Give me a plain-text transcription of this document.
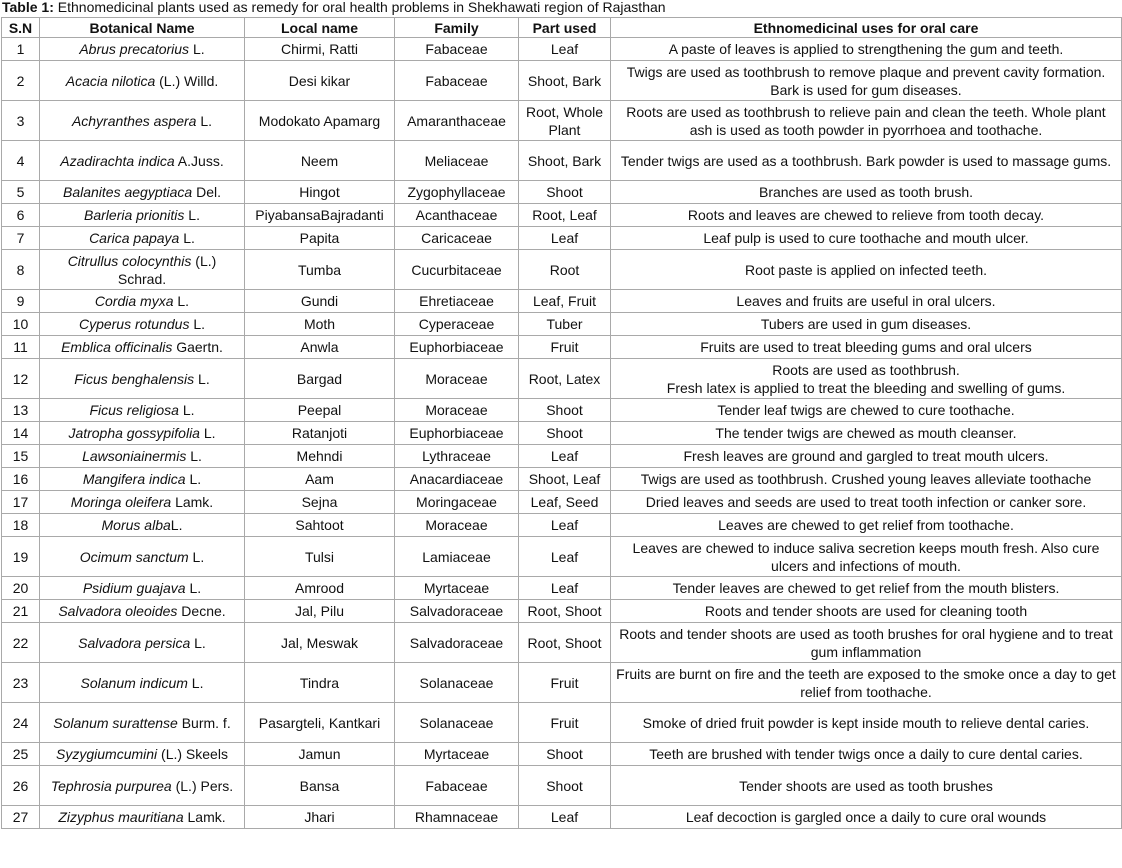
Table 1: Ethnomedicinal plants used as remedy for oral health problems in Shekhawati region of Rajasthan
S.N	Botanical Name	Local name	Family	Part used	Ethnomedicinal uses for oral care
1	Abrus precatorius L.	Chirmi, Ratti	Fabaceae	Leaf	A paste of leaves is applied to strengthening the gum and teeth.
2	Acacia nilotica (L.) Willd.	Desi kikar	Fabaceae	Shoot, Bark	Twigs are used as toothbrush to remove plaque and prevent cavity formation. Bark is used for gum diseases.
3	Achyranthes aspera L.	Modokato Apamarg	Amaranthaceae	Root, Whole Plant	Roots are used as toothbrush to relieve pain and clean the teeth. Whole plant ash is used as tooth powder in pyorrhoea and toothache.
4	Azadirachta indica A.Juss.	Neem	Meliaceae	Shoot, Bark	Tender twigs are used as a toothbrush. Bark powder is used to massage gums.
5	Balanites aegyptiaca Del.	Hingot	Zygophyllaceae	Shoot	Branches are used as tooth brush.
6	Barleria prionitis L.	PiyabansaBajradanti	Acanthaceae	Root, Leaf	Roots and leaves are chewed to relieve from tooth decay.
7	Carica papaya L.	Papita	Caricaceae	Leaf	Leaf pulp is used to cure toothache and mouth ulcer.
8	Citrullus colocynthis (L.) Schrad.	Tumba	Cucurbitaceae	Root	Root paste is applied on infected teeth.
9	Cordia myxa L.	Gundi	Ehretiaceae	Leaf, Fruit	Leaves and fruits are useful in oral ulcers.
10	Cyperus rotundus L.	Moth	Cyperaceae	Tuber	Tubers are used in gum diseases.
11	Emblica officinalis Gaertn.	Anwla	Euphorbiaceae	Fruit	Fruits are used to treat bleeding gums and oral ulcers
12	Ficus benghalensis L.	Bargad	Moraceae	Root, Latex	Roots are used as toothbrush.
Fresh latex is applied to treat the bleeding and swelling of gums.
13	Ficus religiosa L.	Peepal	Moraceae	Shoot	Tender leaf twigs are chewed to cure toothache.
14	Jatropha gossypifolia L.	Ratanjoti	Euphorbiaceae	Shoot	The tender twigs are chewed as mouth cleanser.
15	Lawsoniainermis L.	Mehndi	Lythraceae	Leaf	Fresh leaves are ground and gargled to treat mouth ulcers.
16	Mangifera indica L.	Aam	Anacardiaceae	Shoot, Leaf	Twigs are used as toothbrush. Crushed young leaves alleviate toothache
17	Moringa oleifera Lamk.	Sejna	Moringaceae	Leaf, Seed	Dried leaves and seeds are used to treat tooth infection or canker sore.
18	Morus albaL.	Sahtoot	Moraceae	Leaf	Leaves are chewed to get relief from toothache.
19	Ocimum sanctum L.	Tulsi	Lamiaceae	Leaf	Leaves are chewed to induce saliva secretion keeps mouth fresh. Also cure ulcers and infections of mouth.
20	Psidium guajava L.	Amrood	Myrtaceae	Leaf	Tender leaves are chewed to get relief from the mouth blisters.
21	Salvadora oleoides Decne.	Jal, Pilu	Salvadoraceae	Root, Shoot	Roots and tender shoots are used for cleaning tooth
22	Salvadora persica L.	Jal, Meswak	Salvadoraceae	Root, Shoot	Roots and tender shoots are used as tooth brushes for oral hygiene and to treat gum inflammation
23	Solanum indicum L.	Tindra	Solanaceae	Fruit	Fruits are burnt on fire and the teeth are exposed to the smoke once a day to get relief from toothache.
24	Solanum surattense Burm. f.	Pasargteli, Kantkari	Solanaceae	Fruit	Smoke of dried fruit powder is kept inside mouth to relieve dental caries.
25	Syzygiumcumini (L.) Skeels	Jamun	Myrtaceae	Shoot	Teeth are brushed with tender twigs once a daily to cure dental caries.
26	Tephrosia purpurea (L.) Pers.	Bansa	Fabaceae	Shoot	Tender shoots are used as tooth brushes
27	Zizyphus mauritiana Lamk.	Jhari	Rhamnaceae	Leaf	Leaf decoction is gargled once a daily to cure oral wounds
